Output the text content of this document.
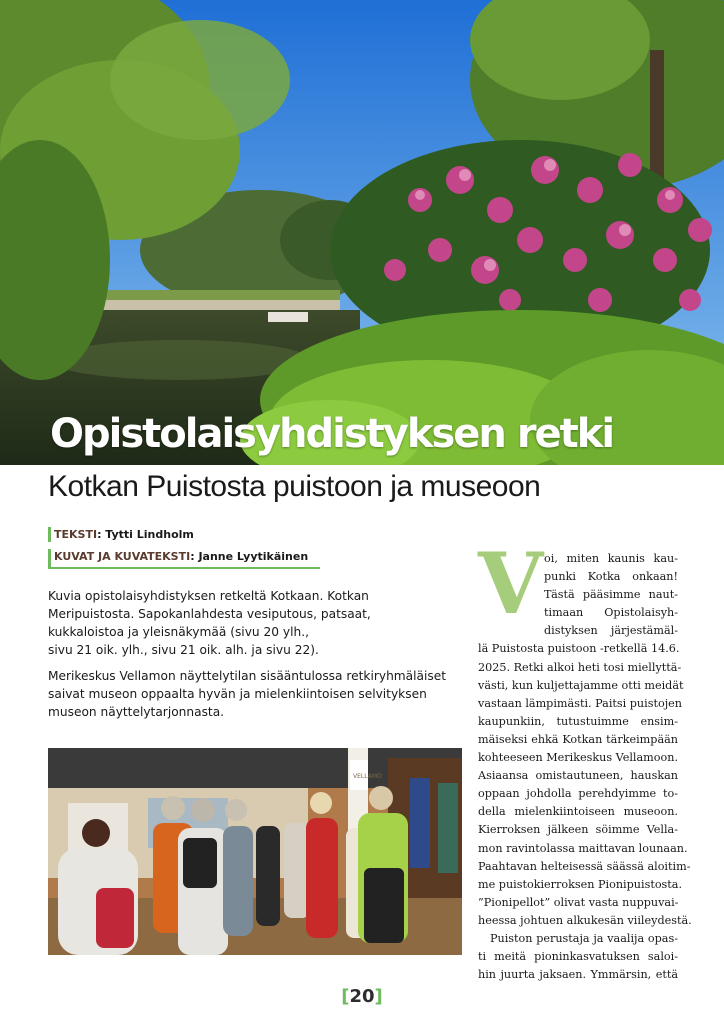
Opistolaisyhdistyksen retki
Kotkan Puistosta puistoon ja museoon
TEKSTI: Tytti Lindholm
KUVAT JA KUVATEKSTI: Janne Lyytikäinen
Kuvia opistolaisyhdistyksen retkeltä Kotkaan. Kotkan
Meripuistosta. Sapokanlahdesta vesiputous, patsaat,
kukkaloistoa ja yleisnäkymää (sivu 20 ylh.,
sivu 21 oik. ylh., sivu 21 oik. alh. ja sivu 22).
Merikeskus Vellamon näyttelytilan sisääntulossa retkiryhmäläiset
saivat museon oppaalta hyvän ja mielenkiintoisen selvityksen
museon näyttelytarjonnasta.
VELLAMO
V oi, miten kaunis kau-
punki Kotka onkaan!
Tästä pääsimme naut-
timaan Opistolaisyh-
distyksen järjestämäl-
lä Puistosta puistoon -retkellä 14.6.
2025. Retki alkoi heti tosi miellyttä-
västi, kun kuljettajamme otti meidät
vastaan lämpimästi. Paitsi puistojen
kaupunkiin, tutustuimme ensim-
mäiseksi ehkä Kotkan tärkeimpään
kohteeseen Merikeskus Vellamoon.
Asiaansa omistautuneen, hauskan
oppaan johdolla perehdyimme to-
della mielenkiintoiseen museoon.
Kierroksen jälkeen söimme Vella-
mon ravintolassa maittavan lounaan.
Paahtavan helteisessä säässä aloitim-
me puistokierroksen Pionipuistosta.
”Pionipellot” olivat vasta nuppuvai-
heessa johtuen alkukesän viileydestä.
Puiston perustaja ja vaalija opas-
ti meitä pioninkasvatuksen saloi-
hin juurta jaksaen. Ymmärsin, että
[20]
